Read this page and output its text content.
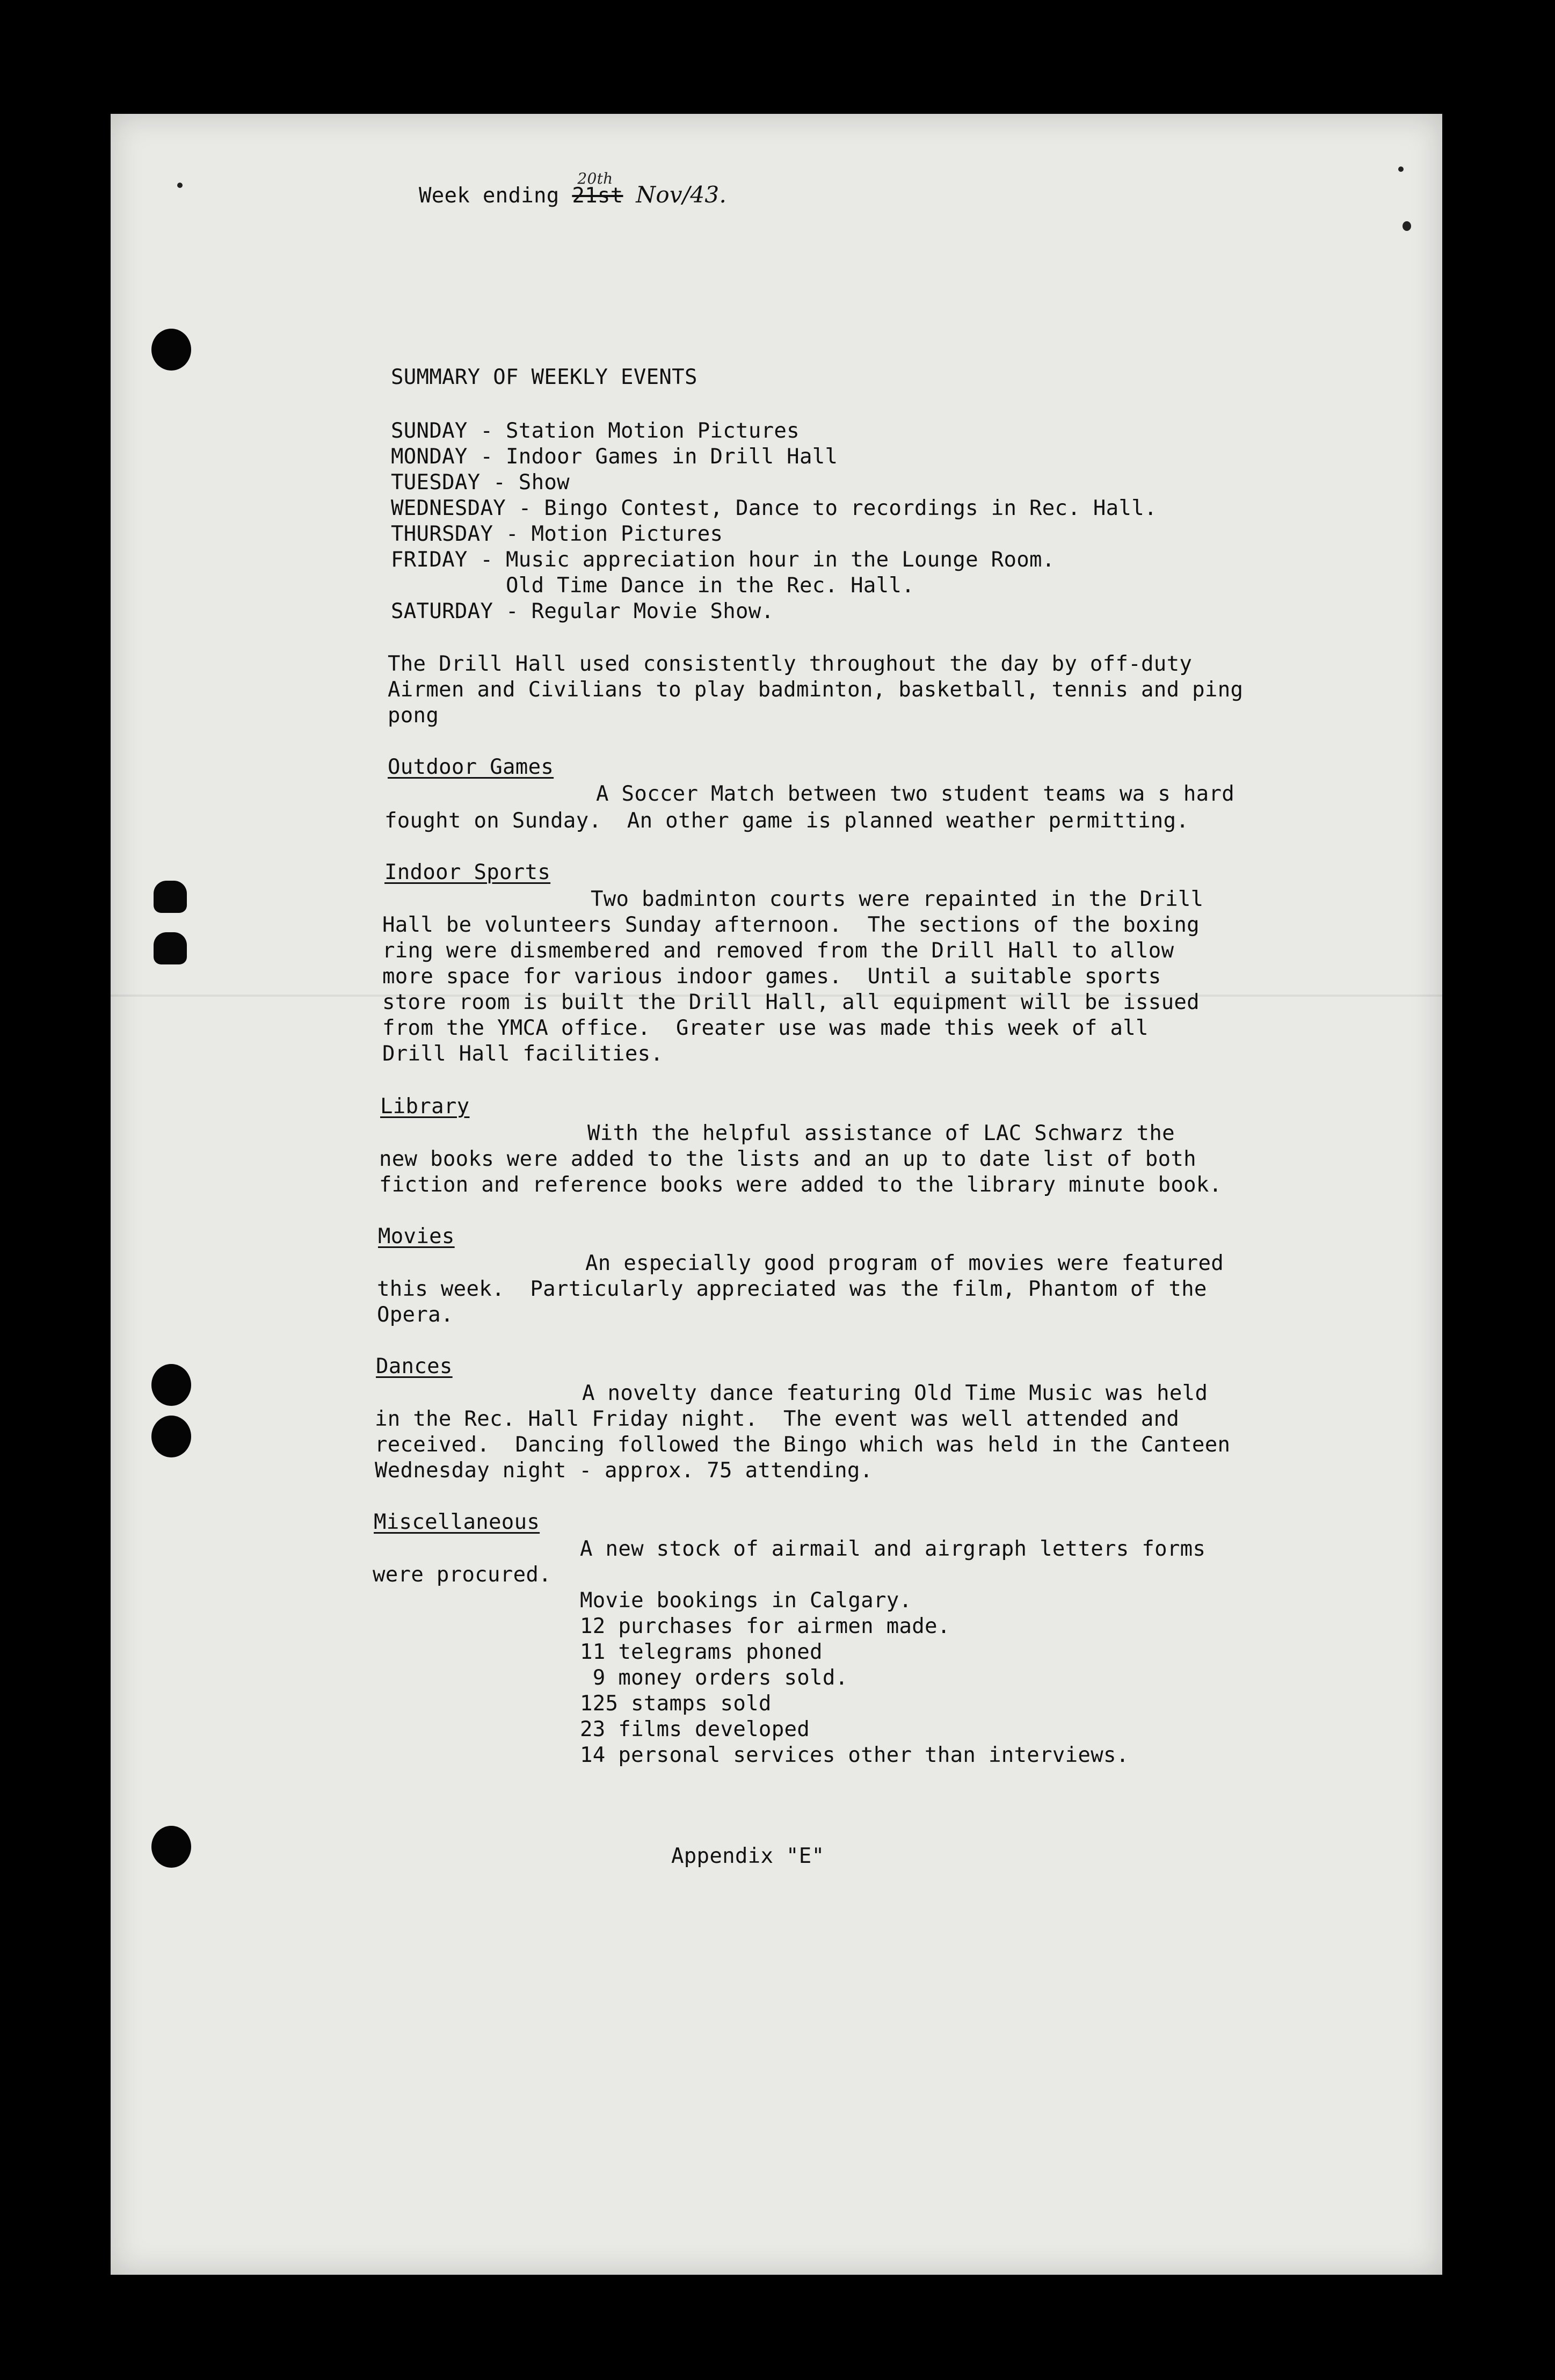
Week ending 21st
20th
Nov/43.
SUMMARY OF WEEKLY EVENTS
SUNDAY - Station Motion Pictures
MONDAY - Indoor Games in Drill Hall
TUESDAY - Show
WEDNESDAY - Bingo Contest, Dance to recordings in Rec. Hall.
THURSDAY - Motion Pictures
FRIDAY - Music appreciation hour in the Lounge Room.
Old Time Dance in the Rec. Hall.
SATURDAY - Regular Movie Show.
The Drill Hall used consistently throughout the day by off-duty
Airmen and Civilians to play badminton, basketball, tennis and ping
pong
Outdoor Games
A Soccer Match between two student teams wa s hard
fought on Sunday.  An other game is planned weather permitting.
Indoor Sports
Two badminton courts were repainted in the Drill
Hall be volunteers Sunday afternoon.  The sections of the boxing
ring were dismembered and removed from the Drill Hall to allow
more space for various indoor games.  Until a suitable sports
store room is built the Drill Hall, all equipment will be issued
from the YMCA office.  Greater use was made this week of all
Drill Hall facilities.
Library
With the helpful assistance of LAC Schwarz the
new books were added to the lists and an up to date list of both
fiction and reference books were added to the library minute book.
Movies
An especially good program of movies were featured
this week.  Particularly appreciated was the film, Phantom of the
Opera.
Dances
A novelty dance featuring Old Time Music was held
in the Rec. Hall Friday night.  The event was well attended and
received.  Dancing followed the Bingo which was held in the Canteen
Wednesday night - approx. 75 attending.
Miscellaneous
A new stock of airmail and airgraph letters forms
were procured.
Movie bookings in Calgary.
12 purchases for airmen made.
11 telegrams phoned
9 money orders sold.
125 stamps sold
23 films developed
14 personal services other than interviews.
Appendix "E"
